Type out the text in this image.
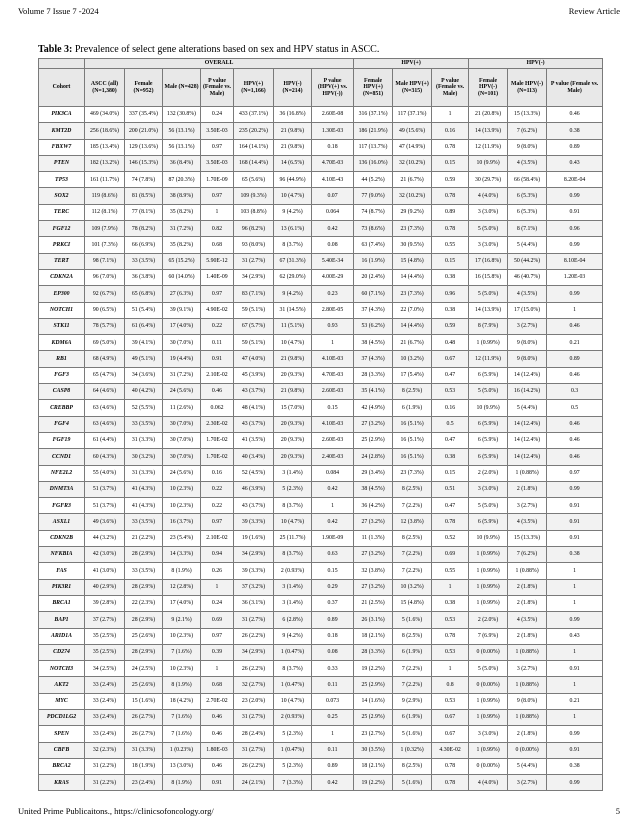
Volume 7 Issue 7 -2024	Review Article
Table 3: Prevalence of select gene alterations based on sex and HPV status in ASCC.
	OVERALL							HPV(+)			HPV(-)		
Cohort	ASCC (all) (N=1,380)	Female (N=952)	Male (N=428)	P value (Female vs. Male)	HPV(+) (N=1,166)	HPV(-) (N=214)	P value (HPV(+) vs. HPV(-))	Female HPV(+) (N=851)	Male HPV(+) (N=315)	P value (Female vs. Male)	Female HPV(-) (N=101)	Male HPV(-) (N=113)	P value (Female vs. Male)
PIK3CA	469 (34.0%)	337 (35.4%)	132 (30.8%)	0.24	433 (37.1%)	36 (16.8%)	2.60E-08	316 (37.1%)	117 (37.1%)	1	21 (20.8%)	15 (13.3%)	0.46
KMT2D	256 (18.6%)	200 (21.0%)	56 (13.1%)	3.50E-03	235 (20.2%)	21 (9.8%)	1.30E-03	186 (21.9%)	49 (15.6%)	0.16	14 (13.9%)	7 (6.2%)	0.38
FBXW7	185 (13.4%)	129 (13.6%)	56 (13.1%)	0.97	164 (14.1%)	21 (9.8%)	0.18	117 (13.7%)	47 (14.9%)	0.78	12 (11.9%)	9 (8.0%)	0.89
PTEN	182 (13.2%)	146 (15.3%)	36 (8.4%)	3.50E-03	168 (14.4%)	14 (6.5%)	4.70E-03	136 (16.0%)	32 (10.2%)	0.15	10 (9.9%)	4 (3.5%)	0.43
TP53	161 (11.7%)	74 (7.8%)	87 (20.3%)	1.70E-09	65 (5.6%)	96 (44.9%)	4.10E-43	44 (5.2%)	21 (6.7%)	0.59	30 (29.7%)	66 (58.4%)	8.20E-04
SOX2	119 (8.6%)	81 (8.5%)	38 (8.9%)	0.97	109 (9.3%)	10 (4.7%)	0.07	77 (9.0%)	32 (10.2%)	0.78	4 (4.0%)	6 (5.3%)	0.99
TERC	112 (8.1%)	77 (8.1%)	35 (8.2%)	1	103 (8.8%)	9 (4.2%)	0.064	74 (8.7%)	29 (9.2%)	0.89	3 (3.0%)	6 (5.3%)	0.91
FGF12	109 (7.9%)	78 (8.2%)	31 (7.2%)	0.82	96 (8.2%)	13 (6.1%)	0.42	73 (8.6%)	23 (7.3%)	0.78	5 (5.0%)	8 (7.1%)	0.96
PRKCI	101 (7.3%)	66 (6.9%)	35 (8.2%)	0.68	93 (8.0%)	8 (3.7%)	0.08	63 (7.4%)	30 (9.5%)	0.55	3 (3.0%)	5 (4.4%)	0.99
TERT	98 (7.1%)	33 (3.5%)	65 (15.2%)	5.90E-12	31 (2.7%)	67 (31.3%)	5.40E-34	16 (1.9%)	15 (4.8%)	0.15	17 (16.8%)	50 (44.2%)	8.10E-04
CDKN2A	96 (7.0%)	36 (3.8%)	60 (14.0%)	1.40E-09	34 (2.9%)	62 (29.0%)	4.00E-29	20 (2.4%)	14 (4.4%)	0.38	16 (15.8%)	46 (40.7%)	1.20E-03
EP300	92 (6.7%)	65 (6.8%)	27 (6.3%)	0.97	83 (7.1%)	9 (4.2%)	0.23	60 (7.1%)	23 (7.3%)	0.96	5 (5.0%)	4 (3.5%)	0.99
NOTCH1	90 (6.5%)	51 (5.4%)	39 (9.1%)	4.90E-02	59 (5.1%)	31 (14.5%)	2.80E-05	37 (4.3%)	22 (7.0%)	0.38	14 (13.9%)	17 (15.0%)	1
STK11	78 (5.7%)	61 (6.4%)	17 (4.0%)	0.22	67 (5.7%)	11 (5.1%)	0.93	53 (6.2%)	14 (4.4%)	0.59	8 (7.9%)	3 (2.7%)	0.46
KDM6A	69 (5.0%)	39 (4.1%)	30 (7.0%)	0.11	59 (5.1%)	10 (4.7%)	1	38 (4.5%)	21 (6.7%)	0.48	1 (0.99%)	9 (8.0%)	0.21
RB1	68 (4.9%)	49 (5.1%)	19 (4.4%)	0.91	47 (4.0%)	21 (9.8%)	4.10E-03	37 (4.3%)	10 (3.2%)	0.67	12 (11.9%)	9 (8.0%)	0.89
FGF3	65 (4.7%)	34 (3.6%)	31 (7.2%)	2.10E-02	45 (3.9%)	20 (9.3%)	4.70E-03	28 (3.3%)	17 (5.4%)	0.47	6 (5.9%)	14 (12.4%)	0.46
CASP8	64 (4.6%)	40 (4.2%)	24 (5.6%)	0.46	43 (3.7%)	21 (9.8%)	2.60E-03	35 (4.1%)	8 (2.5%)	0.53	5 (5.0%)	16 (14.2%)	0.3
CREBBP	63 (4.6%)	52 (5.5%)	11 (2.6%)	0.062	48 (4.1%)	15 (7.0%)	0.15	42 (4.9%)	6 (1.9%)	0.16	10 (9.9%)	5 (4.4%)	0.5
FGF4	63 (4.6%)	33 (3.5%)	30 (7.0%)	2.30E-02	43 (3.7%)	20 (9.3%)	4.10E-03	27 (3.2%)	16 (5.1%)	0.5	6 (5.9%)	14 (12.4%)	0.46
FGF19	61 (4.4%)	31 (3.3%)	30 (7.0%)	1.70E-02	41 (3.5%)	20 (9.3%)	2.60E-03	25 (2.9%)	16 (5.1%)	0.47	6 (5.9%)	14 (12.4%)	0.46
CCND1	60 (4.3%)	30 (3.2%)	30 (7.0%)	1.70E-02	40 (3.4%)	20 (9.3%)	2.40E-03	24 (2.8%)	16 (5.1%)	0.38	6 (5.9%)	14 (12.4%)	0.46
NFE2L2	55 (4.0%)	31 (3.3%)	24 (5.6%)	0.16	52 (4.5%)	3 (1.4%)	0.084	29 (3.4%)	23 (7.3%)	0.15	2 (2.0%)	1 (0.88%)	0.97
DNMT3A	51 (3.7%)	41 (4.3%)	10 (2.3%)	0.22	46 (3.9%)	5 (2.3%)	0.42	38 (4.5%)	8 (2.5%)	0.51	3 (3.0%)	2 (1.8%)	0.99
FGFR3	51 (3.7%)	41 (4.3%)	10 (2.3%)	0.22	43 (3.7%)	8 (3.7%)	1	36 (4.2%)	7 (2.2%)	0.47	5 (5.0%)	3 (2.7%)	0.91
ASXL1	49 (3.6%)	33 (3.5%)	16 (3.7%)	0.97	39 (3.3%)	10 (4.7%)	0.42	27 (3.2%)	12 (3.8%)	0.78	6 (5.9%)	4 (3.5%)	0.91
CDKN2B	44 (3.2%)	21 (2.2%)	23 (5.4%)	2.10E-02	19 (1.6%)	25 (11.7%)	1.90E-09	11 (1.3%)	8 (2.5%)	0.52	10 (9.9%)	15 (13.3%)	0.91
NFKBIA	42 (3.0%)	28 (2.9%)	14 (3.3%)	0.94	34 (2.9%)	8 (3.7%)	0.63	27 (3.2%)	7 (2.2%)	0.69	1 (0.99%)	7 (6.2%)	0.38
FAS	41 (3.0%)	33 (3.5%)	8 (1.9%)	0.26	39 (3.3%)	2 (0.93%)	0.15	32 (3.8%)	7 (2.2%)	0.55	1 (0.99%)	1 (0.88%)	1
PIK3R1	40 (2.9%)	28 (2.9%)	12 (2.8%)	1	37 (3.2%)	3 (1.4%)	0.29	27 (3.2%)	10 (3.2%)	1	1 (0.99%)	2 (1.8%)	1
BRCA1	39 (2.8%)	22 (2.3%)	17 (4.0%)	0.24	36 (3.1%)	3 (1.4%)	0.37	21 (2.5%)	15 (4.8%)	0.38	1 (0.99%)	2 (1.8%)	1
BAP1	37 (2.7%)	28 (2.9%)	9 (2.1%)	0.69	31 (2.7%)	6 (2.8%)	0.89	26 (3.1%)	5 (1.6%)	0.53	2 (2.0%)	4 (3.5%)	0.99
ARID1A	35 (2.5%)	25 (2.6%)	10 (2.3%)	0.97	26 (2.2%)	9 (4.2%)	0.18	18 (2.1%)	8 (2.5%)	0.78	7 (6.9%)	2 (1.8%)	0.43
CD274	35 (2.5%)	28 (2.9%)	7 (1.6%)	0.39	34 (2.9%)	1 (0.47%)	0.08	28 (3.3%)	6 (1.9%)	0.53	0 (0.00%)	1 (0.88%)	1
NOTCH3	34 (2.5%)	24 (2.5%)	10 (2.3%)	1	26 (2.2%)	8 (3.7%)	0.33	19 (2.2%)	7 (2.2%)	1	5 (5.0%)	3 (2.7%)	0.91
AKT2	33 (2.4%)	25 (2.6%)	8 (1.9%)	0.68	32 (2.7%)	1 (0.47%)	0.11	25 (2.9%)	7 (2.2%)	0.8	0 (0.00%)	1 (0.88%)	1
MYC	33 (2.4%)	15 (1.6%)	18 (4.2%)	2.70E-02	23 (2.0%)	10 (4.7%)	0.073	14 (1.6%)	9 (2.9%)	0.53	1 (0.99%)	9 (8.0%)	0.21
PDCD1LG2	33 (2.4%)	26 (2.7%)	7 (1.6%)	0.46	31 (2.7%)	2 (0.93%)	0.25	25 (2.9%)	6 (1.9%)	0.67	1 (0.99%)	1 (0.88%)	1
SPEN	33 (2.4%)	26 (2.7%)	7 (1.6%)	0.46	28 (2.4%)	5 (2.3%)	1	23 (2.7%)	5 (1.6%)	0.67	3 (3.0%)	2 (1.8%)	0.99
CBFB	32 (2.3%)	31 (3.3%)	1 (0.23%)	1.80E-03	31 (2.7%)	1 (0.47%)	0.11	30 (3.5%)	1 (0.32%)	4.30E-02	1 (0.99%)	0 (0.00%)	0.91
BRCA2	31 (2.2%)	18 (1.9%)	13 (3.0%)	0.46	26 (2.2%)	5 (2.3%)	0.89	18 (2.1%)	8 (2.5%)	0.78	0 (0.00%)	5 (4.4%)	0.38
KRAS	31 (2.2%)	23 (2.4%)	8 (1.9%)	0.91	24 (2.1%)	7 (3.3%)	0.42	19 (2.2%)	5 (1.6%)	0.78	4 (4.0%)	3 (2.7%)	0.99
United Prime Publicaitons., https://clinicsofoncology.org/	5
